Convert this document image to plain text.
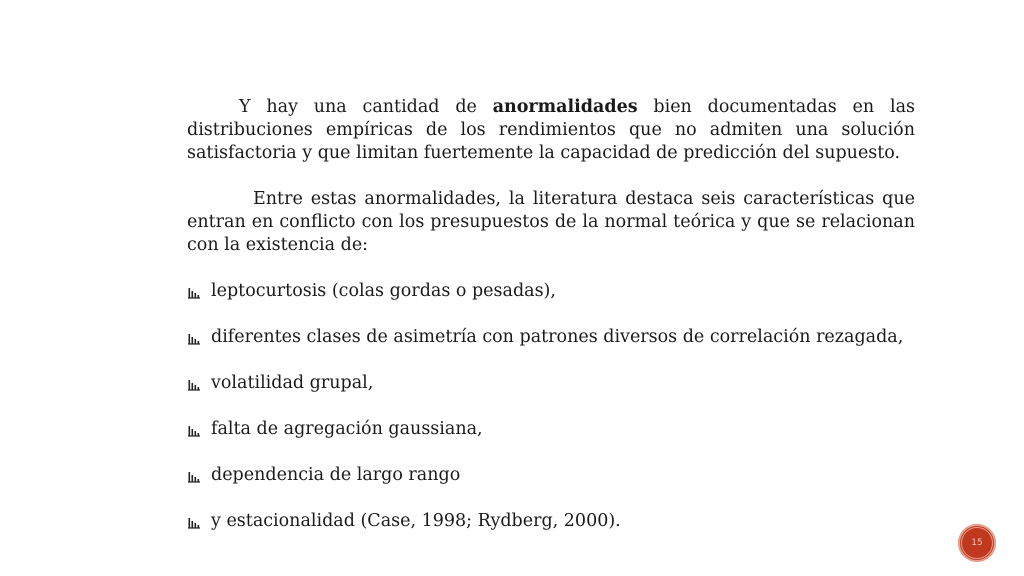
Y hay una cantidad de anormalidades bien documentadas en las distribuciones empíricas de los rendimientos que no admiten una solución satisfactoria y que limitan fuertemente la capacidad de predicción del supuesto.

Entre estas anormalidades, la literatura destaca seis características que entran en conflicto con los presupuestos de la normal teórica y que se relacionan con la existencia de:

leptocurtosis (colas gordas o pesadas),
diferentes clases de asimetría con patrones diversos de correlación rezagada,
volatilidad grupal,
falta de agregación gaussiana,
dependencia de largo rango
y estacionalidad (Case, 1998; Rydberg, 2000).
15
